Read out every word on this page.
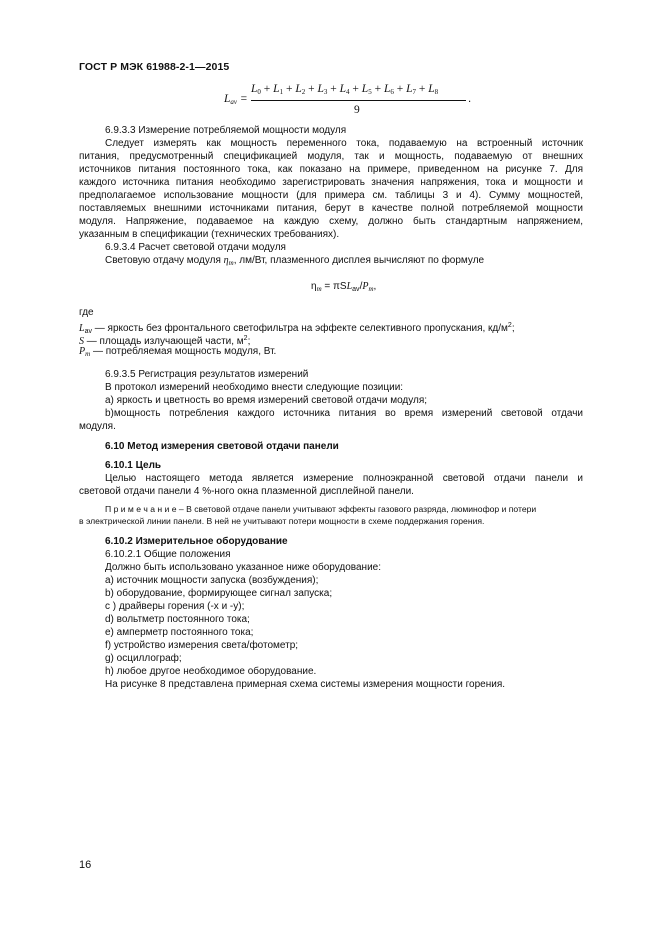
ГОСТ Р МЭК 61988-2-1—2015
$L_{av}$ =
$L_0 + L_1 + L_2 + L_3 + L_4 + L_5 + L_6 + L_7 + L_8$
9
.
6.9.3.3 Измерение потребляемой мощности модуля
Следует измерять как мощность переменного тока, подаваемую на встроенный источник
питания, предусмотренный спецификацией модуля, так и мощность, подаваемую от внешних
источников питания постоянного тока, как показано на примере, приведенном на рисунке 7. Для
каждого источника питания необходимо зарегистрировать значения напряжения, тока и мощности и
предполагаемое использование мощности (для примера см. таблицы 3 и 4). Сумму мощностей,
поставляемых внешними источниками питания, берут в качестве полной потребляемой мощности
модуля. Напряжение, подаваемое на каждую схему, должно быть стандартным напряжением,
указанным в спецификации (технических требованиях).
6.9.3.4 Расчет световой отдачи модуля
Световую отдачу модуля $\eta_m$, лм/Вт, плазменного дисплея вычисляют по формуле
$\eta_m = \pi SL_{av}/P_m$,
где
$L_{av}$ — яркость без фронтального светофильтра на эффекте селективного пропускания, $кд/м^2$;
S — площадь излучающей части, $м^2$;
$P_m$ — потребляемая мощность модуля, Вт.
6.9.3.5 Регистрация результатов измерений
В протокол измерений необходимо внести следующие позиции:
a) яркость и цветность во время измерений световой отдачи модуля;
b)мощность потребления каждого источника питания во время измерений световой отдачи
модуля.
6.10 Метод измерения световой отдачи панели
6.10.1 Цель
Целью настоящего метода является измерение полноэкранной световой отдачи панели и
световой отдачи панели 4 %-ного окна плазменной дисплейной панели.
П р и м е ч а н и е – В световой отдаче панели учитывают эффекты газового разряда, люминофор и потери
в электрической линии панели. В ней не учитывают потери мощности в схеме поддержания горения.
6.10.2 Измерительное оборудование
6.10.2.1 Общие положения
Должно быть использовано указанное ниже оборудование:
а) источник мощности запуска (возбуждения);
b) оборудование, формирующее сигнал запуска;
c ) драйверы горения (-x и -y);
d) вольтметр постоянного тока;
e) амперметр постоянного тока;
f) устройство измерения света/фотометр;
g) осциллограф;
h) любое другое необходимое оборудование.
На рисунке 8 представлена примерная схема системы измерения мощности горения.
16
